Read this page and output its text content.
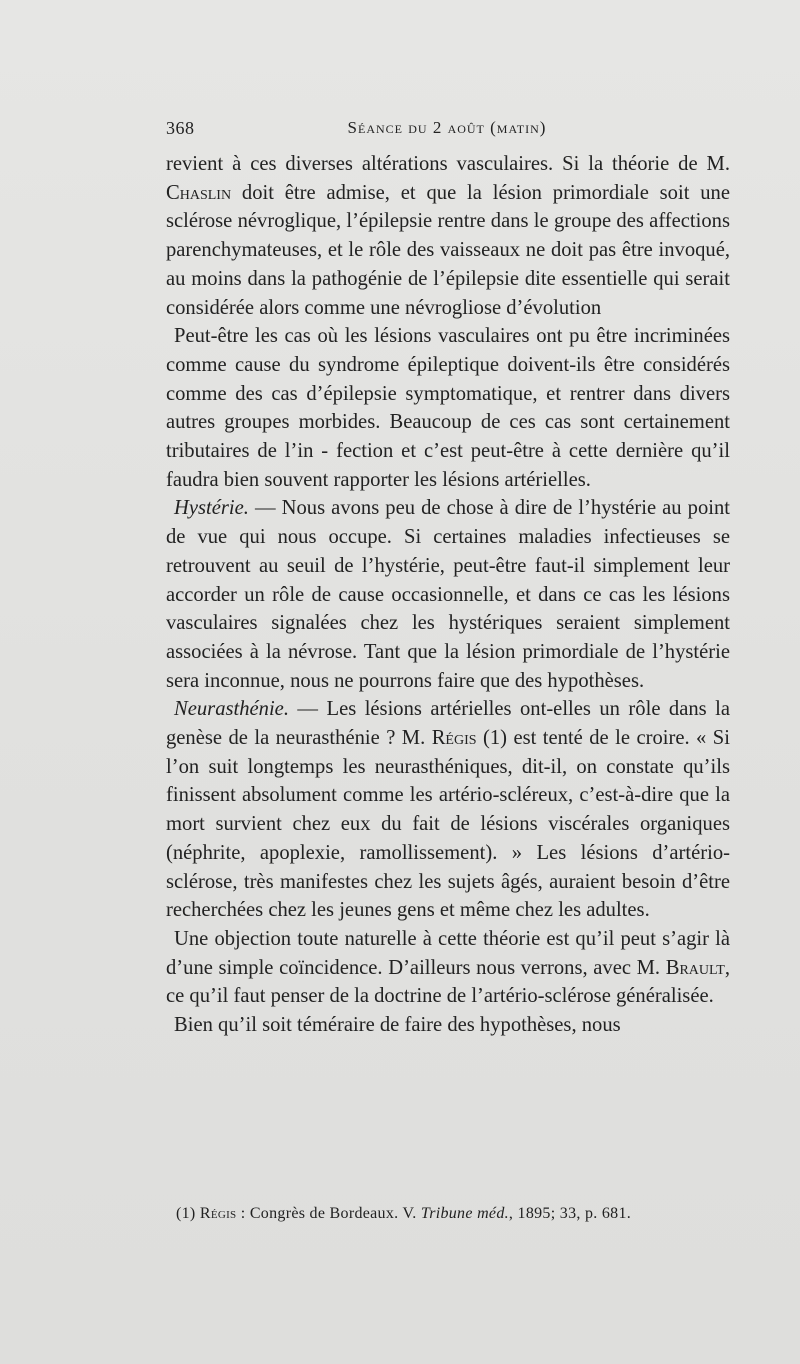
368	Séance du 2 août (matin)

revient à ces diverses altérations vasculaires. Si la théorie de M. Chaslin doit être admise, et que la lésion primordiale soit une sclérose névroglique, l’épilepsie rentre dans le groupe des affections parenchymateuses, et le rôle des vaisseaux ne doit pas être invoqué, au moins dans la pathogénie de l’épilepsie dite essentielle qui serait considérée alors comme une névrogliose d’évolution

Peut-être les cas où les lésions vasculaires ont pu être incriminées comme cause du syndrome épileptique doivent-ils être considérés comme des cas d’épilepsie symptomatique, et rentrer dans divers autres groupes morbides. Beaucoup de ces cas sont certainement tributaires de l’in - fection et c’est peut-être à cette dernière qu’il faudra bien souvent rapporter les lésions artérielles.

Hystérie. — Nous avons peu de chose à dire de l’hystérie au point de vue qui nous occupe. Si certaines maladies infectieuses se retrouvent au seuil de l’hystérie, peut-être faut-il simplement leur accorder un rôle de cause occasionnelle, et dans ce cas les lésions vasculaires signalées chez les hystériques seraient simplement associées à la névrose. Tant que la lésion primordiale de l’hystérie sera inconnue, nous ne pourrons faire que des hypothèses.

Neurasthénie. — Les lésions artérielles ont-elles un rôle dans la genèse de la neurasthénie ? M. Régis (1) est tenté de le croire. « Si l’on suit longtemps les neurasthéniques, dit-il, on constate qu’ils finissent absolument comme les artério-scléreux, c’est-à-dire que la mort survient chez eux du fait de lésions viscérales organiques (néphrite, apoplexie, ramollissement). » Les lésions d’artério-sclérose, très manifestes chez les sujets âgés, auraient besoin d’être recherchées chez les jeunes gens et même chez les adultes.

Une objection toute naturelle à cette théorie est qu’il peut s’agir là d’une simple coïncidence. D’ailleurs nous verrons, avec M. Brault, ce qu’il faut penser de la doctrine de l’artério-sclérose généralisée.

Bien qu’il soit téméraire de faire des hypothèses, nous

(1) Régis : Congrès de Bordeaux. V. Tribune méd., 1895; 33, p. 681.
